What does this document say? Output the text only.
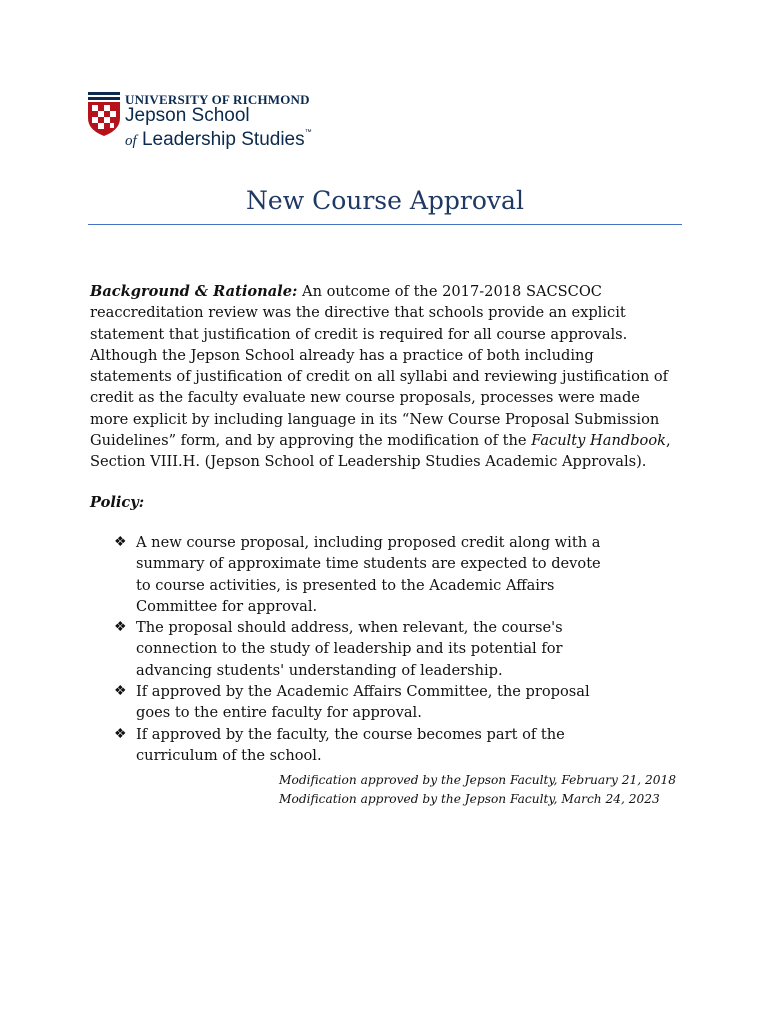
UNIVERSITY OF RICHMOND
Jepson School
of Leadership Studies™
New Course Approval
Background & Rationale: An outcome of the 2017-2018 SACSCOC
reaccreditation review was the directive that schools provide an explicit
statement that justification of credit is required for all course approvals.
Although the Jepson School already has a practice of both including
statements of justification of credit on all syllabi and reviewing justification of
credit as the faculty evaluate new course proposals, processes were made
more explicit by including language in its “New Course Proposal Submission
Guidelines” form, and by approving the modification of the Faculty Handbook,
Section VIII.H. (Jepson School of Leadership Studies Academic Approvals).
Policy:
❖ A new course proposal, including proposed credit along with a
summary of approximate time students are expected to devote
to course activities, is presented to the Academic Affairs
Committee for approval.
❖ The proposal should address, when relevant, the course's
connection to the study of leadership and its potential for
advancing students' understanding of leadership.
❖ If approved by the Academic Affairs Committee, the proposal
goes to the entire faculty for approval.
❖ If approved by the faculty, the course becomes part of the
curriculum of the school.
Modification approved by the Jepson Faculty, February 21, 2018
Modification approved by the Jepson Faculty, March 24, 2023
